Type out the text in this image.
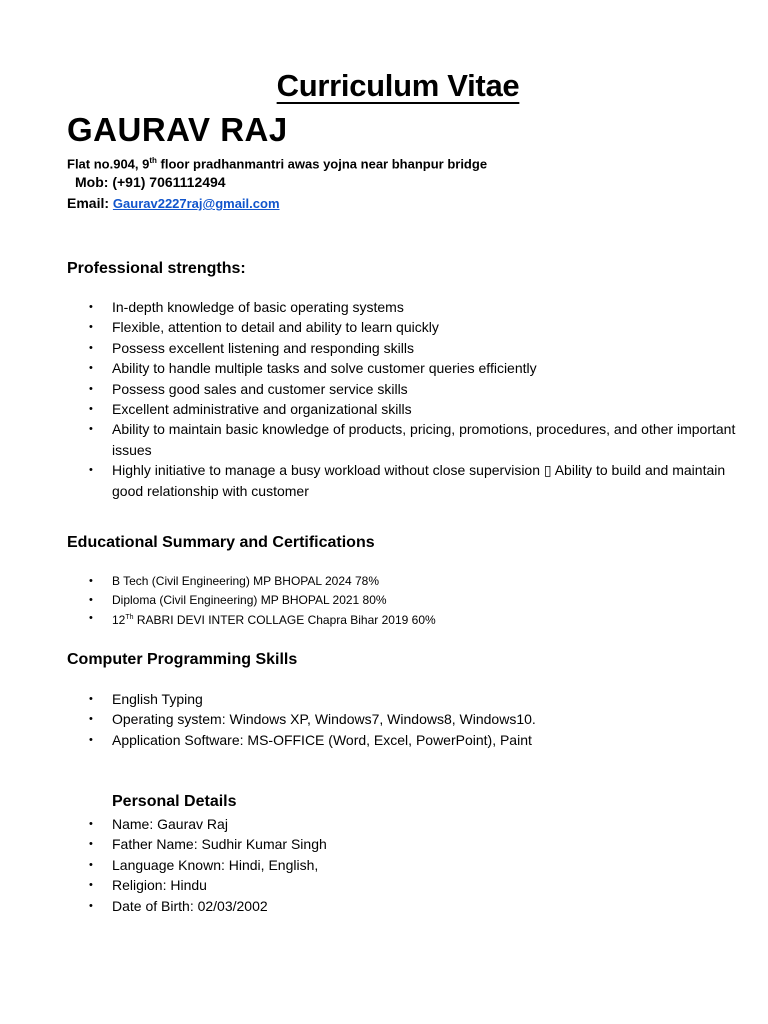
Curriculum Vitae
GAURAV RAJ
Flat no.904, 9th floor pradhanmantri awas yojna near bhanpur bridge
Mob: (+91) 7061112494
Email: Gaurav2227raj@gmail.com
Professional strengths:
• In-depth knowledge of basic operating systems
• Flexible, attention to detail and ability to learn quickly
• Possess excellent listening and responding skills
• Ability to handle multiple tasks and solve customer queries efficiently
• Possess good sales and customer service skills
• Excellent administrative and organizational skills
• Ability to maintain basic knowledge of products, pricing, promotions, procedures, and other important issues
• Highly initiative to manage a busy workload without close supervision ▯ Ability to build and maintain good relationship with customer
Educational Summary and Certifications
• B Tech (Civil Engineering) MP BHOPAL 2024 78%
• Diploma (Civil Engineering) MP BHOPAL 2021 80%
• 12Th RABRI DEVI INTER COLLAGE Chapra Bihar 2019 60%
Computer Programming Skills
• English Typing
• Operating system: Windows XP, Windows7, Windows8, Windows10.
• Application Software: MS-OFFICE (Word, Excel, PowerPoint), Paint
Personal Details
• Name: Gaurav Raj
• Father Name: Sudhir Kumar Singh
• Language Known: Hindi, English,
• Religion: Hindu
• Date of Birth: 02/03/2002
